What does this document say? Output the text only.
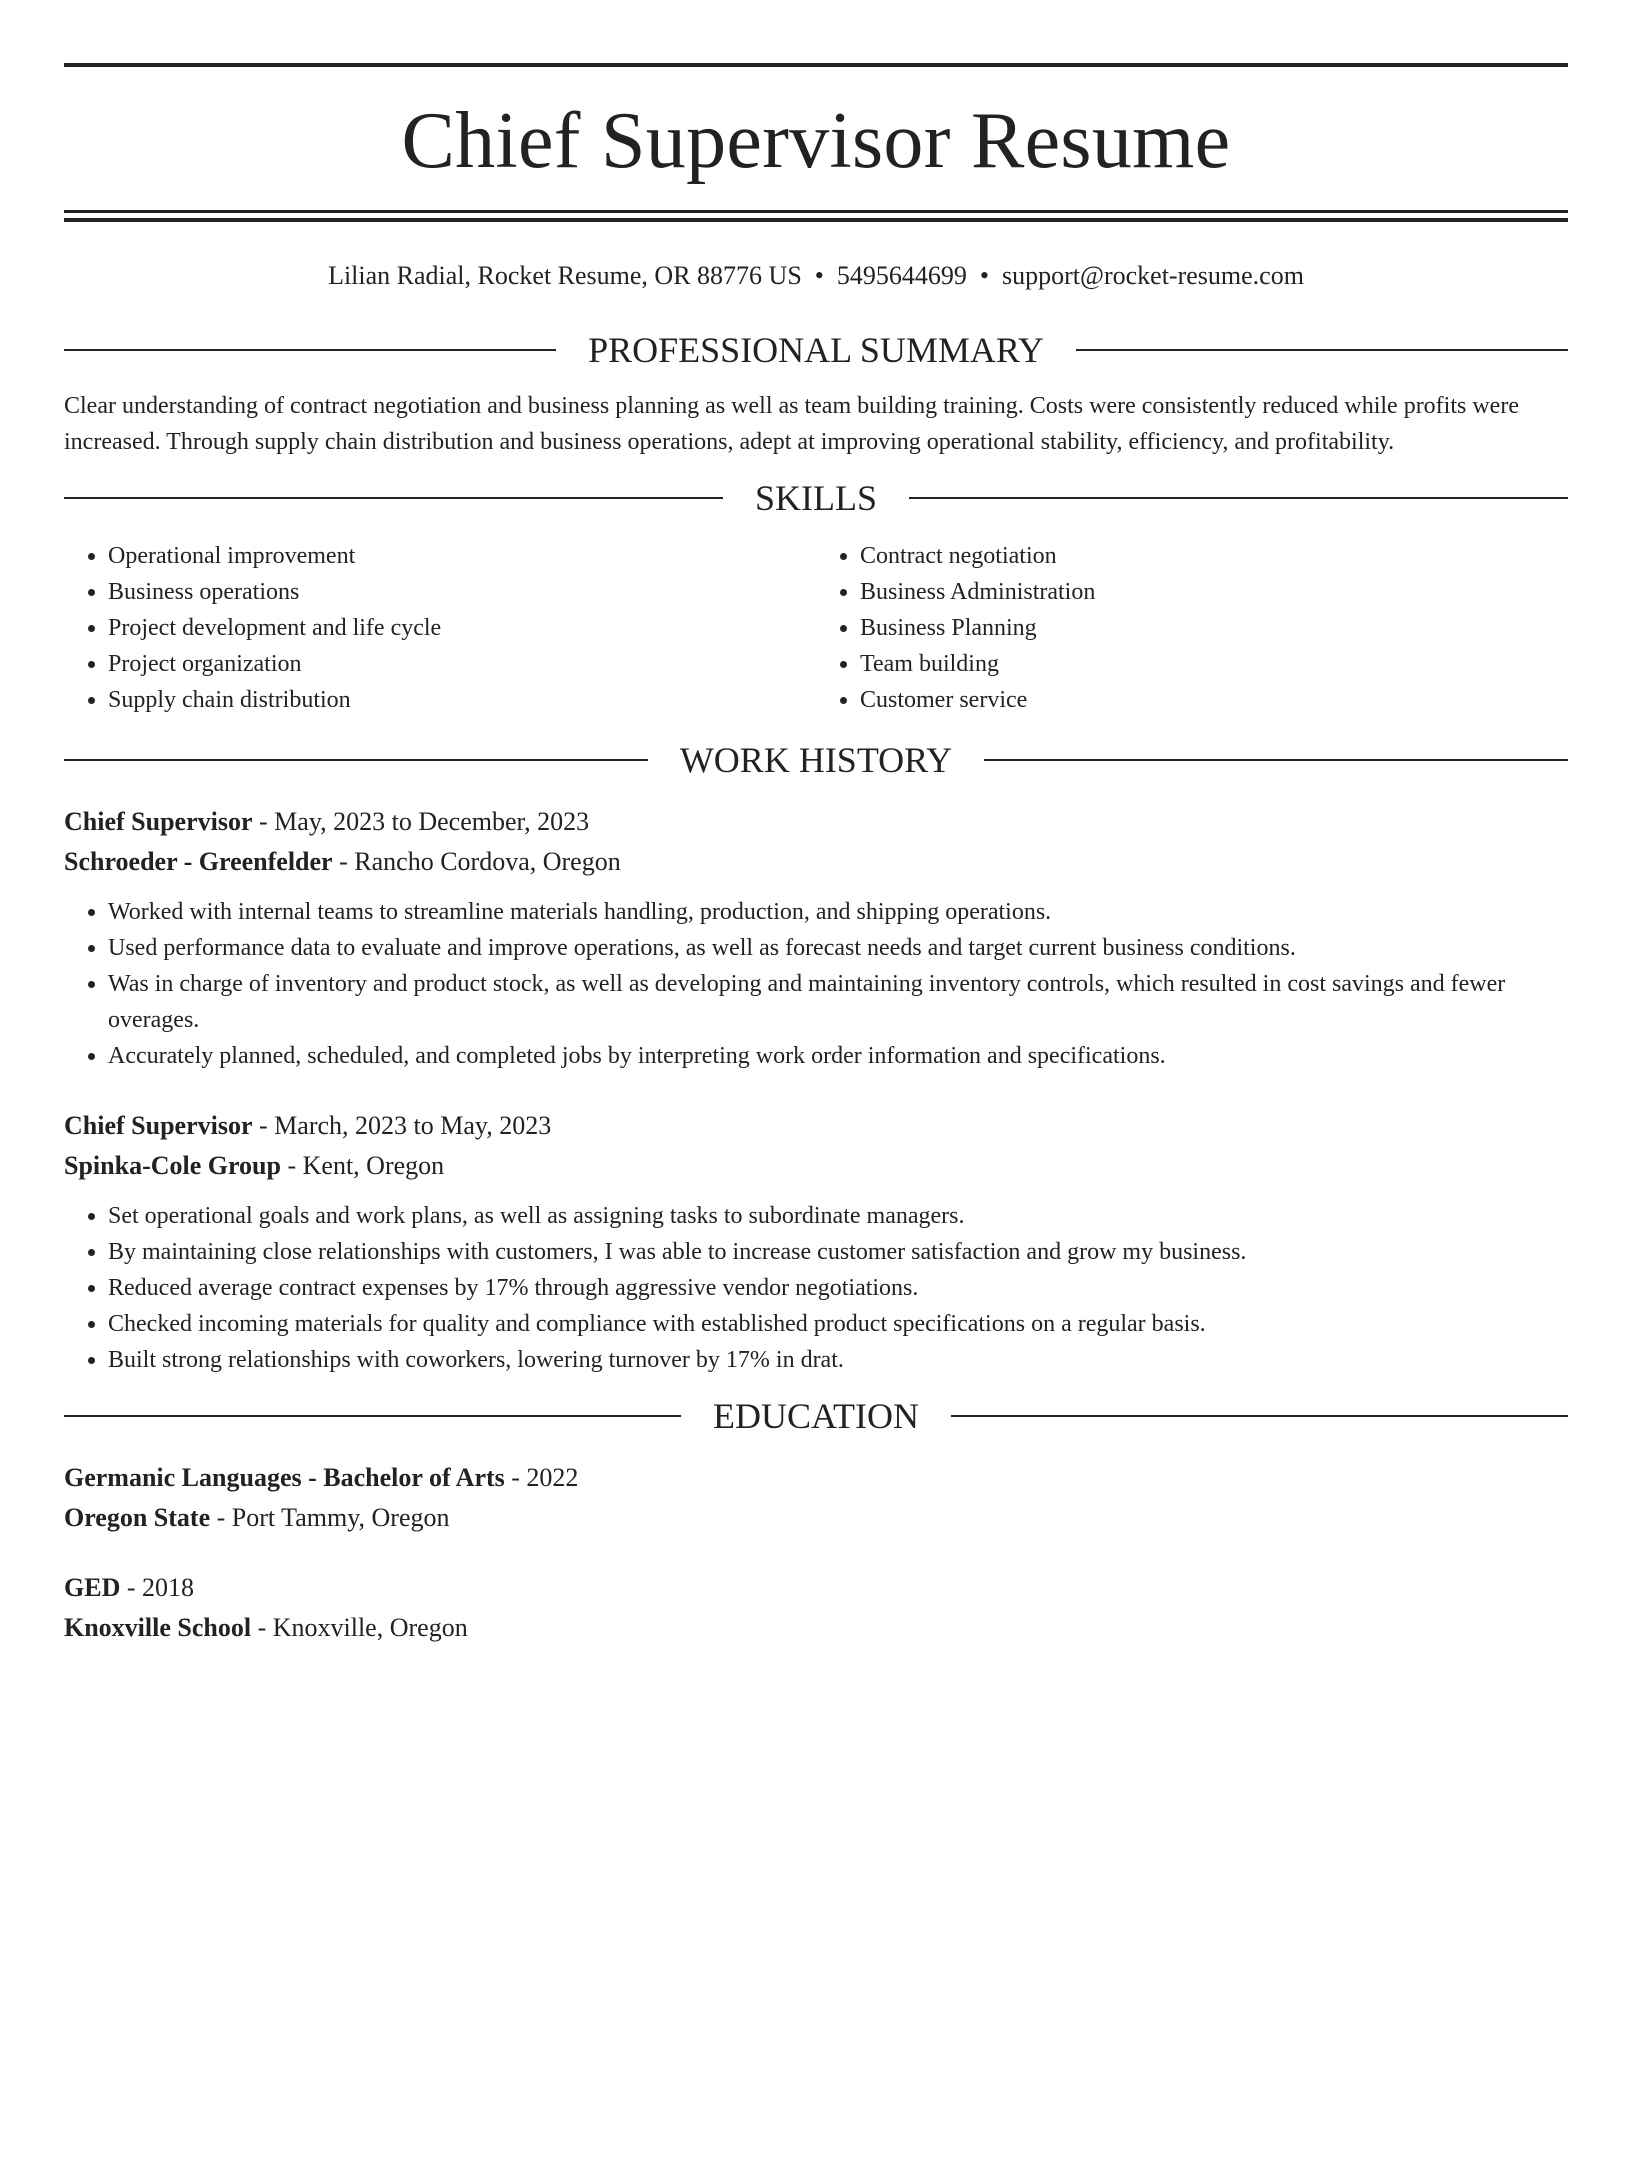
Chief Supervisor Resume
Lilian Radial, Rocket Resume, OR 88776 US • 5495644699 • support@rocket-resume.com
PROFESSIONAL SUMMARY
Clear understanding of contract negotiation and business planning as well as team building training. Costs were consistently reduced while profits were increased. Through supply chain distribution and business operations, adept at improving operational stability, efficiency, and profitability.
SKILLS
• Operational improvement
• Business operations
• Project development and life cycle
• Project organization
• Supply chain distribution
• Contract negotiation
• Business Administration
• Business Planning
• Team building
• Customer service
WORK HISTORY
Chief Supervisor - May, 2023 to December, 2023
Schroeder - Greenfelder - Rancho Cordova, Oregon
• Worked with internal teams to streamline materials handling, production, and shipping operations.
• Used performance data to evaluate and improve operations, as well as forecast needs and target current business conditions.
• Was in charge of inventory and product stock, as well as developing and maintaining inventory controls, which resulted in cost savings and fewer overages.
• Accurately planned, scheduled, and completed jobs by interpreting work order information and specifications.
Chief Supervisor - March, 2023 to May, 2023
Spinka-Cole Group - Kent, Oregon
• Set operational goals and work plans, as well as assigning tasks to subordinate managers.
• By maintaining close relationships with customers, I was able to increase customer satisfaction and grow my business.
• Reduced average contract expenses by 17% through aggressive vendor negotiations.
• Checked incoming materials for quality and compliance with established product specifications on a regular basis.
• Built strong relationships with coworkers, lowering turnover by 17% in drat.
EDUCATION
Germanic Languages - Bachelor of Arts - 2022
Oregon State - Port Tammy, Oregon
GED - 2018
Knoxville School - Knoxville, Oregon
